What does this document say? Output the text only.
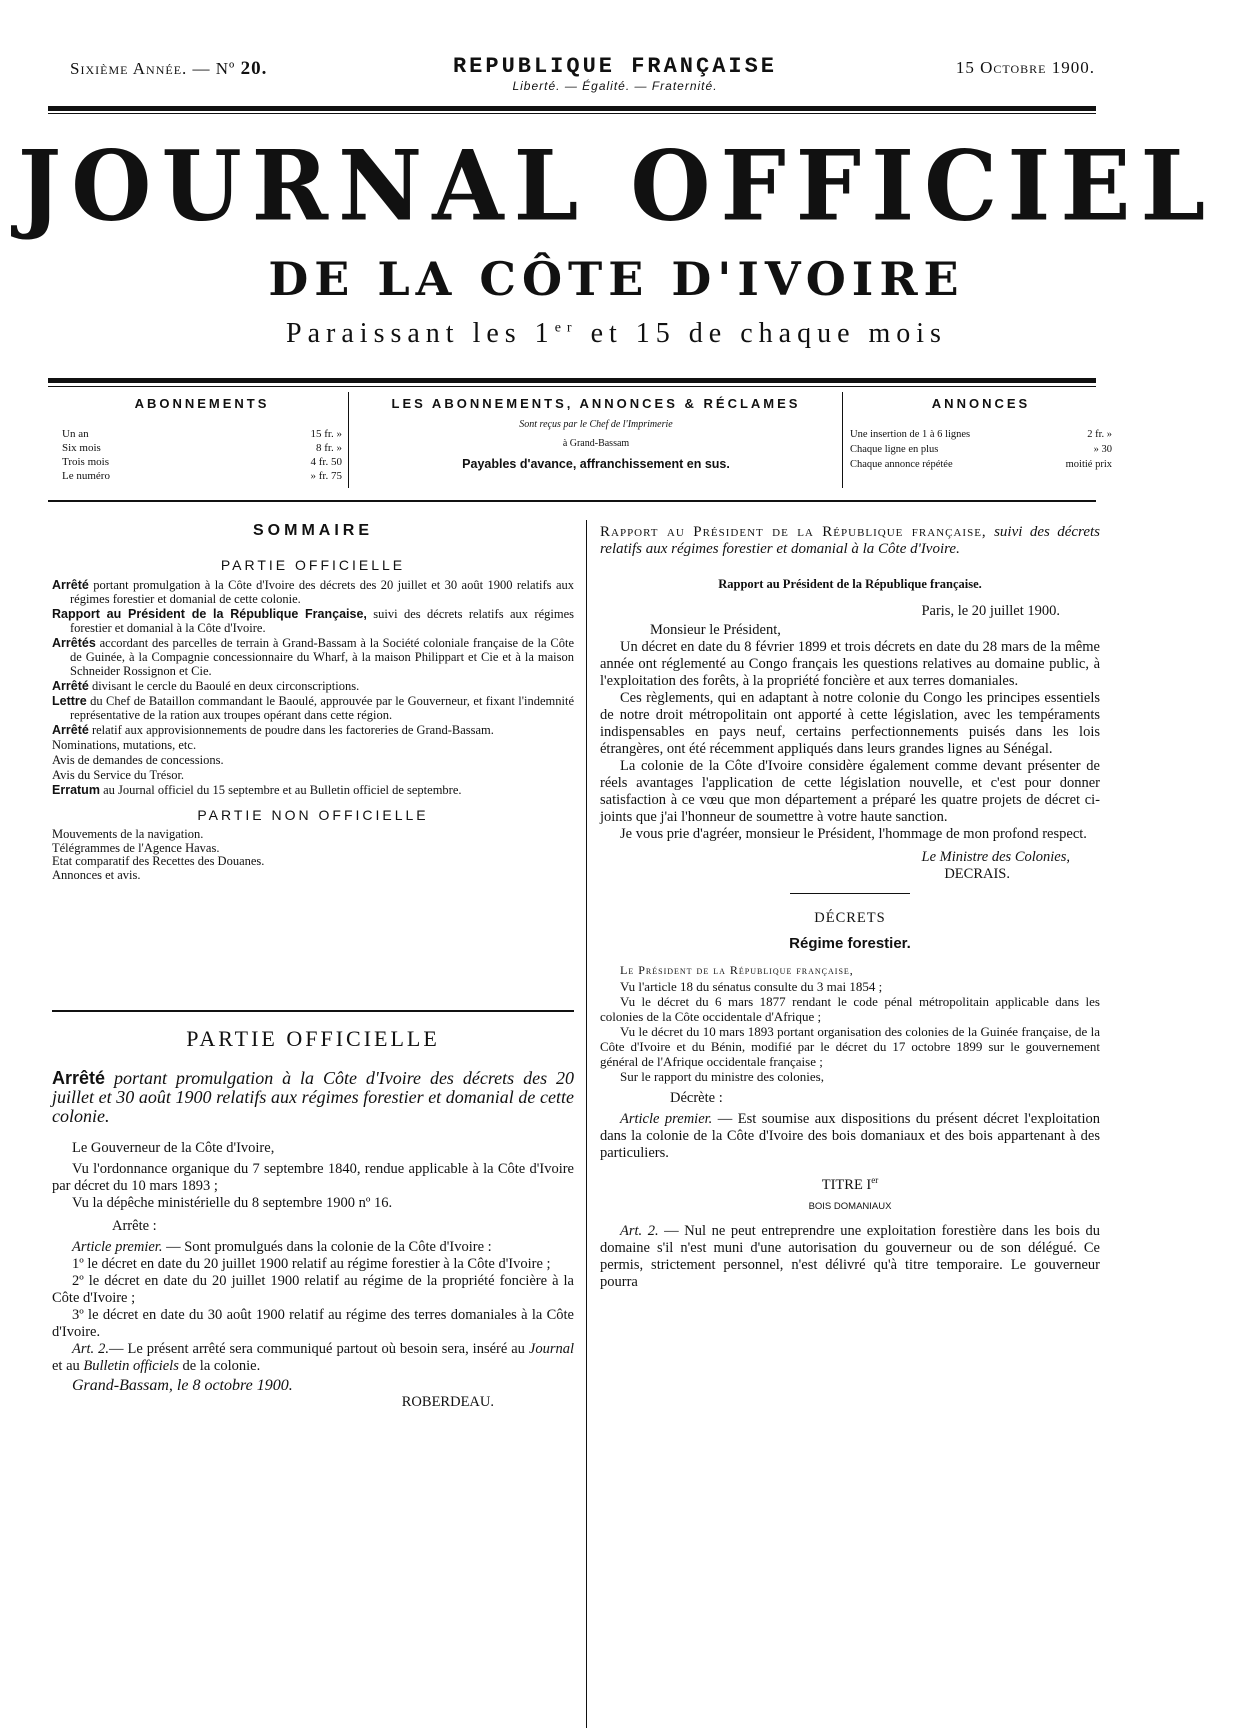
Sixième Année. — Nº 20.	REPUBLIQUE FRANÇAISE
Liberté. — Égalité. — Fraternité.
15 Octobre 1900.
JOURNAL OFFICIEL
DE LA CÔTE D'IVOIRE
Paraissant les 1er et 15 de chaque mois
ABONNEMENTS
Un an	15 fr. »
Six mois	8 fr. »
Trois mois	4 fr. 50
Le numéro	» fr. 75
LES ABONNEMENTS, ANNONCES & RÉCLAMES
Sont reçus par le Chef de l'Imprimerie
à Grand-Bassam
Payables d'avance, affranchissement en sus.
ANNONCES
Une insertion de 1 à 6 lignes	2 fr. »
Chaque ligne en plus	» 30
Chaque annonce répétée	moitié prix
SOMMAIRE
PARTIE OFFICIELLE
Arrêté portant promulgation à la Côte d'Ivoire des décrets des 20 juillet et 30 août 1900 relatifs aux régimes forestier et domanial de cette colonie.
Rapport au Président de la République Française, suivi des décrets relatifs aux régimes forestier et domanial à la Côte d'Ivoire.
Arrêtés accordant des parcelles de terrain à Grand-Bassam à la Société coloniale française de la Côte de Guinée, à la Compagnie concessionnaire du Wharf, à la maison Philippart et Cie et à la maison Schneider Rossignon et Cie.
Arrêté divisant le cercle du Baoulé en deux circonscriptions.
Lettre du Chef de Bataillon commandant le Baoulé, approuvée par le Gouverneur, et fixant l'indemnité représentative de la ration aux troupes opérant dans cette région.
Arrêté relatif aux approvisionnements de poudre dans les factoreries de Grand-Bassam.
Nominations, mutations, etc.
Avis de demandes de concessions.
Avis du Service du Trésor.
Erratum au Journal officiel du 15 septembre et au Bulletin officiel de septembre.
PARTIE NON OFFICIELLE
Mouvements de la navigation.
Télégrammes de l'Agence Havas.
Etat comparatif des Recettes des Douanes.
Annonces et avis.
PARTIE OFFICIELLE

Arrêté portant promulgation à la Côte d'Ivoire des décrets des 20 juillet et 30 août 1900 relatifs aux régimes forestier et domanial de cette colonie.

Le Gouverneur de la Côte d'Ivoire,

Vu l'ordonnance organique du 7 septembre 1840, rendue applicable à la Côte d'Ivoire par décret du 10 mars 1893 ;

Vu la dépêche ministérielle du 8 septembre 1900 nº 16.

Arrête :

Article premier. — Sont promulgués dans la colonie de la Côte d'Ivoire :

1º le décret en date du 20 juillet 1900 relatif au régime forestier à la Côte d'Ivoire ;

2º le décret en date du 20 juillet 1900 relatif au régime de la propriété foncière à la Côte d'Ivoire ;

3º le décret en date du 30 août 1900 relatif au régime des terres domaniales à la Côte d'Ivoire.

Art. 2.— Le présent arrêté sera communiqué partout où besoin sera, inséré au Journal et au Bulletin officiels de la colonie.

Grand-Bassam, le 8 octobre 1900.

ROBERDEAU.

Rapport au Président de la République française, suivi des décrets relatifs aux régimes forestier et domanial à la Côte d'Ivoire.

Rapport au Président de la République française.

Paris, le 20 juillet 1900.

Monsieur le Président,

Un décret en date du 8 février 1899 et trois décrets en date du 28 mars de la même année ont réglementé au Congo français les questions relatives au domaine public, à l'exploitation des forêts, à la propriété foncière et aux terres domaniales.

Ces règlements, qui en adaptant à notre colonie du Congo les principes essentiels de notre droit métropolitain ont apporté à cette législation, avec les tempéraments indispensables en pays neuf, certains perfectionnements puisés dans les lois étrangères, ont été récemment appliqués dans leurs grandes lignes au Sénégal.

La colonie de la Côte d'Ivoire considère également comme devant présenter de réels avantages l'application de cette législation nouvelle, et c'est pour donner satisfaction à ce vœu que mon département a préparé les quatre projets de décret ci-joints que j'ai l'honneur de soumettre à votre haute sanction.

Je vous prie d'agréer, monsieur le Président, l'hommage de mon profond respect.

Le Ministre des Colonies,

DECRAIS.

DÉCRETS

Régime forestier.

Le Président de la République française,

Vu l'article 18 du sénatus consulte du 3 mai 1854 ;

Vu le décret du 6 mars 1877 rendant le code pénal métropolitain applicable dans les colonies de la Côte occidentale d'Afrique ;

Vu le décret du 10 mars 1893 portant organisation des colonies de la Guinée française, de la Côte d'Ivoire et du Bénin, modifié par le décret du 17 octobre 1899 sur le gouvernement général de l'Afrique occidentale française ;

Sur le rapport du ministre des colonies,

Décrète :

Article premier. — Est soumise aux dispositions du présent décret l'exploitation dans la colonie de la Côte d'Ivoire des bois domaniaux et des bois appartenant à des particuliers.

TITRE Ier

BOIS DOMANIAUX

Art. 2. — Nul ne peut entreprendre une exploitation forestière dans les bois du domaine s'il n'est muni d'une autorisation du gouverneur ou de son délégué. Ce permis, strictement personnel, n'est délivré qu'à titre temporaire. Le gouverneur pourra
